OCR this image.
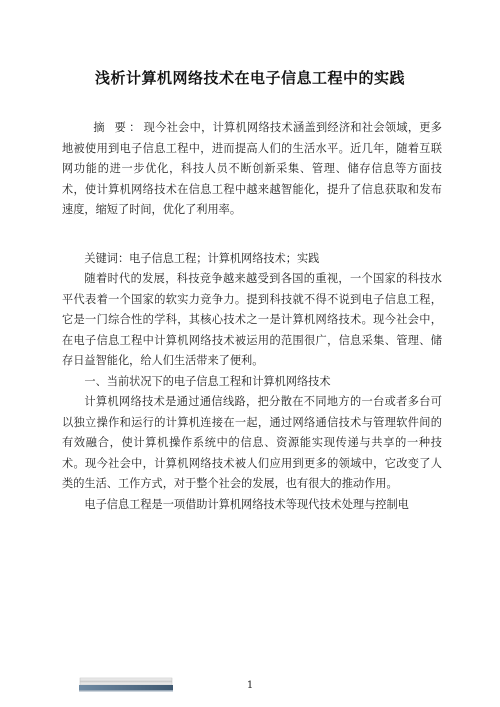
浅析计算机网络技术在电子信息工程中的实践

摘 要：现今社会中，计算机网络技术涵盖到经济和社会领域，更多地被使用到电子信息工程中，进而提高人们的生活水平。近几年，随着互联网功能的进一步优化，科技人员不断创新采集、管理、储存信息等方面技术，使计算机网络技术在信息工程中越来越智能化，提升了信息获取和发布速度，缩短了时间，优化了利用率。

关键词：电子信息工程；计算机网络技术；实践

随着时代的发展，科技竞争越来越受到各国的重视，一个国家的科技水平代表着一个国家的软实力竞争力。提到科技就不得不说到电子信息工程，它是一门综合性的学科，其核心技术之一是计算机网络技术。现今社会中，在电子信息工程中计算机网络技术被运用的范围很广，信息采集、管理、储存日益智能化，给人们生活带来了便利。

一、当前状况下的电子信息工程和计算机网络技术

计算机网络技术是通过通信线路，把分散在不同地方的一台或者多台可以独立操作和运行的计算机连接在一起，通过网络通信技术与管理软件间的有效融合，使计算机操作系统中的信息、资源能实现传递与共享的一种技术。现今社会中，计算机网络技术被人们应用到更多的领域中，它改变了人类的生活、工作方式，对于整个社会的发展，也有很大的推动作用。

电子信息工程是一项借助计算机网络技术等现代技术处理与控制电

1
